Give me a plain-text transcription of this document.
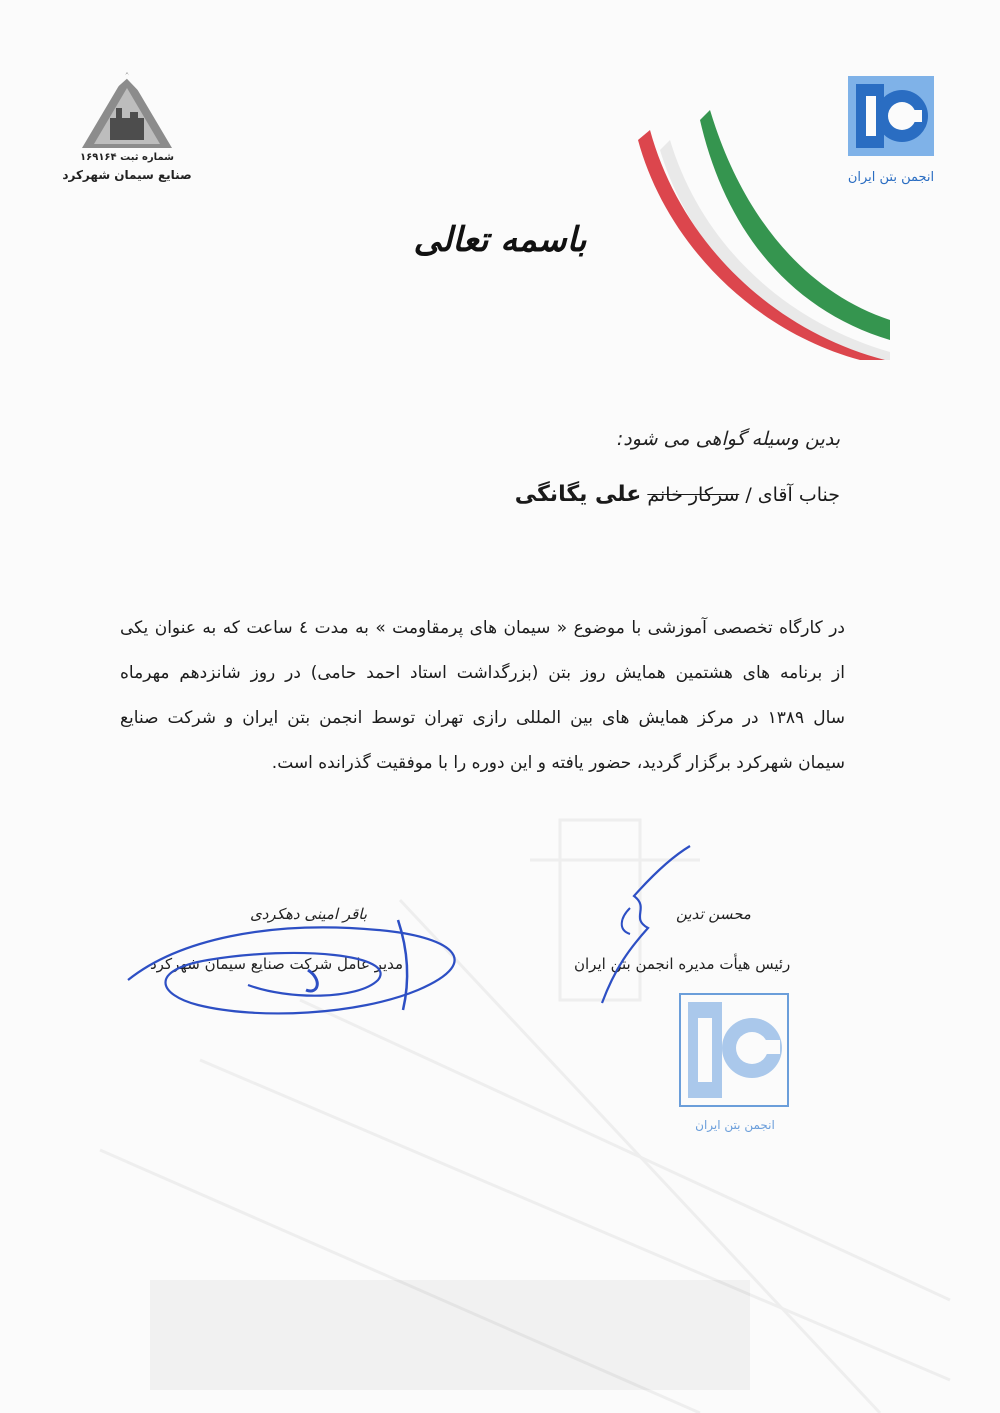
شماره ثبت ۱۶۹۱۶۴
صنایع سیمان شهرکرد	انجمن بتن ایران
باسمه تعالی
بدین وسیله گواهی می شود:
جناب آقای / سرکار خانم علی یگانگی
در کارگاه تخصصی آموزشی با موضوع « سیمان های پرمقاومت » به مدت ٤ ساعت که به عنوان یکی
از برنامه های هشتمین همایش روز بتن (بزرگداشت استاد احمد حامی) در روز شانزدهم مهرماه
سال ۱۳۸۹ در مرکز همایش های بین المللی رازی تهران توسط انجمن بتن ایران و شرکت صنایع
سیمان شهرکرد برگزار گردید، حضور یافته و این دوره را با موفقیت گذرانده است.
باقر امینی دهکردی
مدیر عامل شرکت صنایع سیمان شهرکرد
محسن تدین
رئیس هیأت مدیره انجمن بتن ایران
انجمن بتن ایران
